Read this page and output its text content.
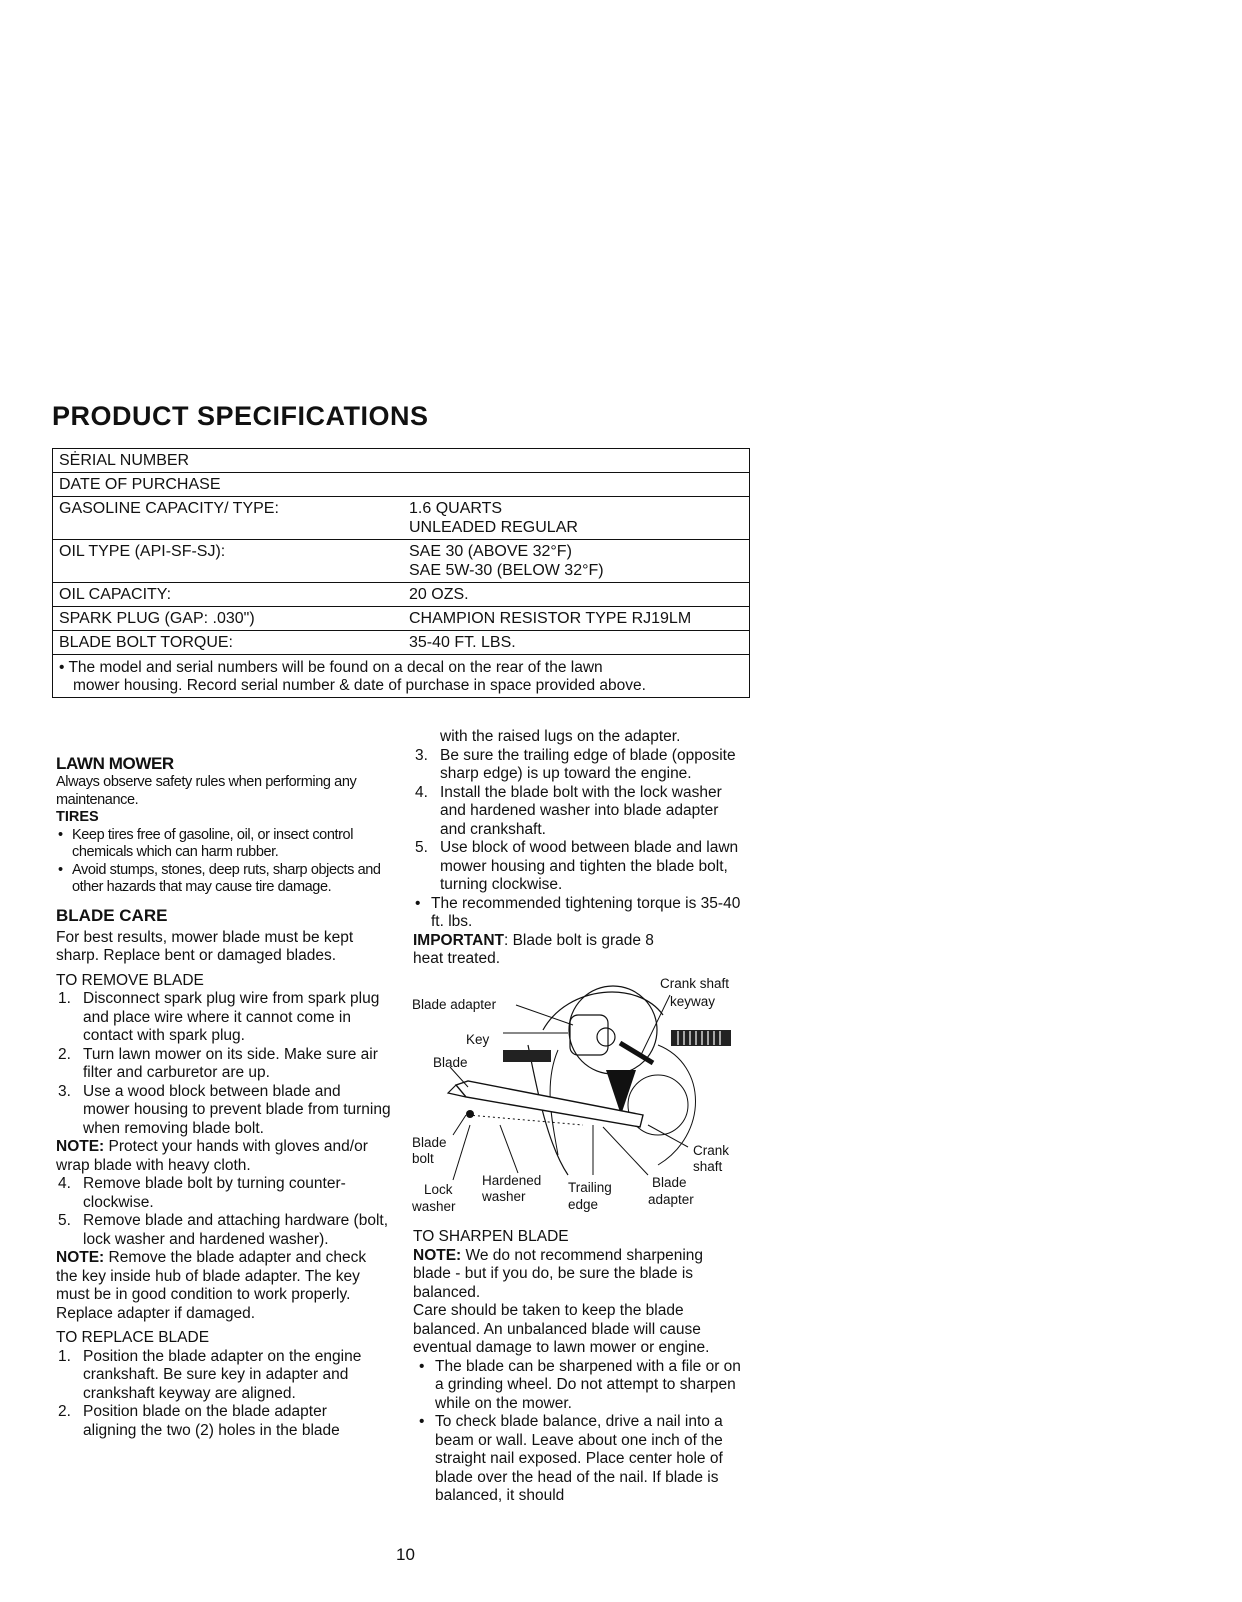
PRODUCT SPECIFICATIONS
SĖRIAL NUMBER
DATE OF PURCHASE
GASOLINE CAPACITY/ TYPE:	1.6 QUARTS
UNLEADED REGULAR
OIL TYPE (API-SF-SJ):	SAE 30 (ABOVE 32°F)
SAE 5W-30 (BELOW 32°F)
OIL CAPACITY:	20 OZS.
SPARK PLUG (GAP: .030")	CHAMPION RESISTOR TYPE RJ19LM
BLADE BOLT TORQUE:	35-40 FT. LBS.
• The model and serial numbers will be found on a decal on the rear of the lawn
mower housing. Record serial number & date of purchase in space provided above.
LAWN MOWER
Always observe safety rules when performing any maintenance.
TIRES
• Keep tires free of gasoline, oil, or insect control chemicals which can harm rubber.
• Avoid stumps, stones, deep ruts, sharp objects and other hazards that may cause tire damage.
BLADE CARE
For best results, mower blade must be kept sharp. Replace bent or damaged blades.
TO REMOVE BLADE
1. Disconnect spark plug wire from spark plug and place wire where it cannot come in contact with spark plug.
2. Turn lawn mower on its side. Make sure air filter and carburetor are up.
3. Use a wood block between blade and mower housing to prevent blade from turning when removing blade bolt.
NOTE: Protect your hands with gloves and/or wrap blade with heavy cloth.
4. Remove blade bolt by turning counter-clockwise.
5. Remove blade and attaching hardware (bolt, lock washer and hardened washer).
NOTE: Remove the blade adapter and check the key inside hub of blade adapter. The key must be in good condition to work properly. Replace adapter if damaged.
TO REPLACE BLADE
1. Position the blade adapter on the engine crankshaft. Be sure key in adapter and crankshaft keyway are aligned.
2. Position blade on the blade adapter aligning the two (2) holes in the blade
with the raised lugs on the adapter.
3. Be sure the trailing edge of blade (opposite sharp edge) is up toward the engine.
4. Install the blade bolt with the lock washer and hardened washer into blade adapter and crankshaft.
5. Use block of wood between blade and lawn mower housing and tighten the blade bolt, turning clockwise.
• The recommended tightening torque is 35-40 ft. lbs.
IMPORTANT: Blade bolt is grade 8 heat treated.
Crank shaft
keyway
Blade adapter
Key
Blade
Blade
bolt
Crank
shaft
Blade
adapter
Hardened
washer
Lock
washer
Trailing
edge
TO SHARPEN BLADE
NOTE: We do not recommend sharpening blade - but if you do, be sure the blade is balanced.
Care should be taken to keep the blade balanced. An unbalanced blade will cause eventual damage to lawn mower or engine.
• The blade can be sharpened with a file or on a grinding wheel. Do not attempt to sharpen while on the mower.
• To check blade balance, drive a nail into a beam or wall. Leave about one inch of the straight nail exposed. Place center hole of blade over the head of the nail. If blade is balanced, it should
10
